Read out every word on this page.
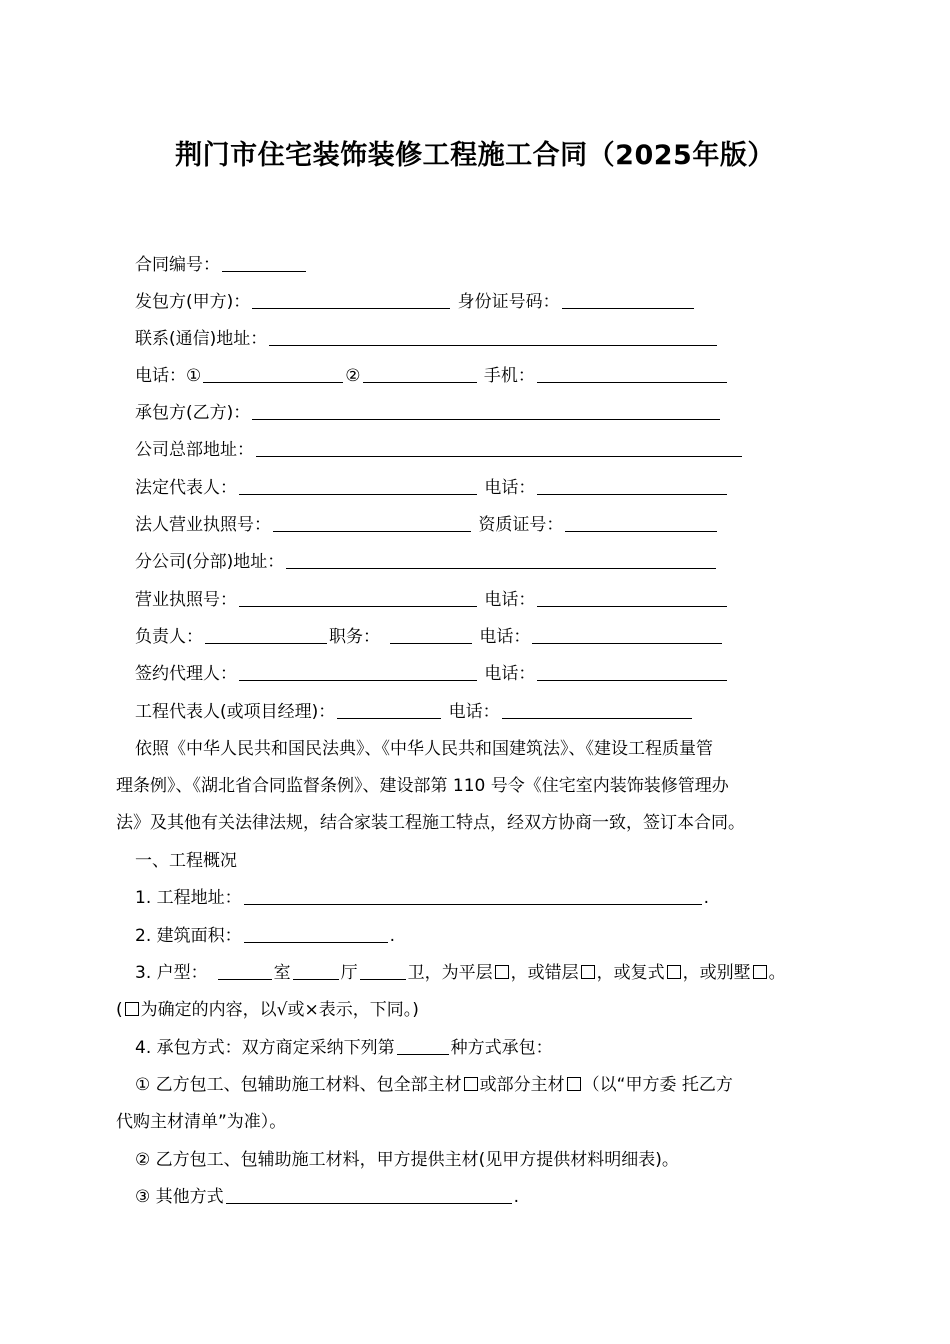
荆门市住宅装饰装修工程施工合同（2025年版）
合同编号：
发包方(甲方)：	身份证号码：
联系(通信)地址：
电话：①	②	手机：
承包方(乙方)：
公司总部地址：
法定代表人：	电话：
法人营业执照号：	资质证号：
分公司(分部)地址：
营业执照号：	电话：
负责人：	职务：	电话：
签约代理人：	电话：
工程代表人(或项目经理)：	电话：
依照《中华人民共和国民法典》、《中华人民共和国建筑法》、《建设工程质量管
理条例》、《湖北省合同监督条例》、建设部第 110 号令《住宅室内装饰装修管理办
法》及其他有关法律法规，结合家装工程施工特点，经双方协商一致，签订本合同。
一、工程概况
1. 工程地址：	.
2. 建筑面积：	.
3. 户型：	室	厅	卫，为平层 ，或错层 ，或复式 ，或别墅 。
( 为确定的内容，以√或×表示，下同。)
4. 承包方式：双方商定采纳下列第	种方式承包：
① 乙方包工、包辅助施工材料、包全部主材 或部分主材 （以“甲方委 托乙方
代购主材清单”为准）。
② 乙方包工、包辅助施工材料，甲方提供主材(见甲方提供材料明细表)。
③ 其他方式	.
